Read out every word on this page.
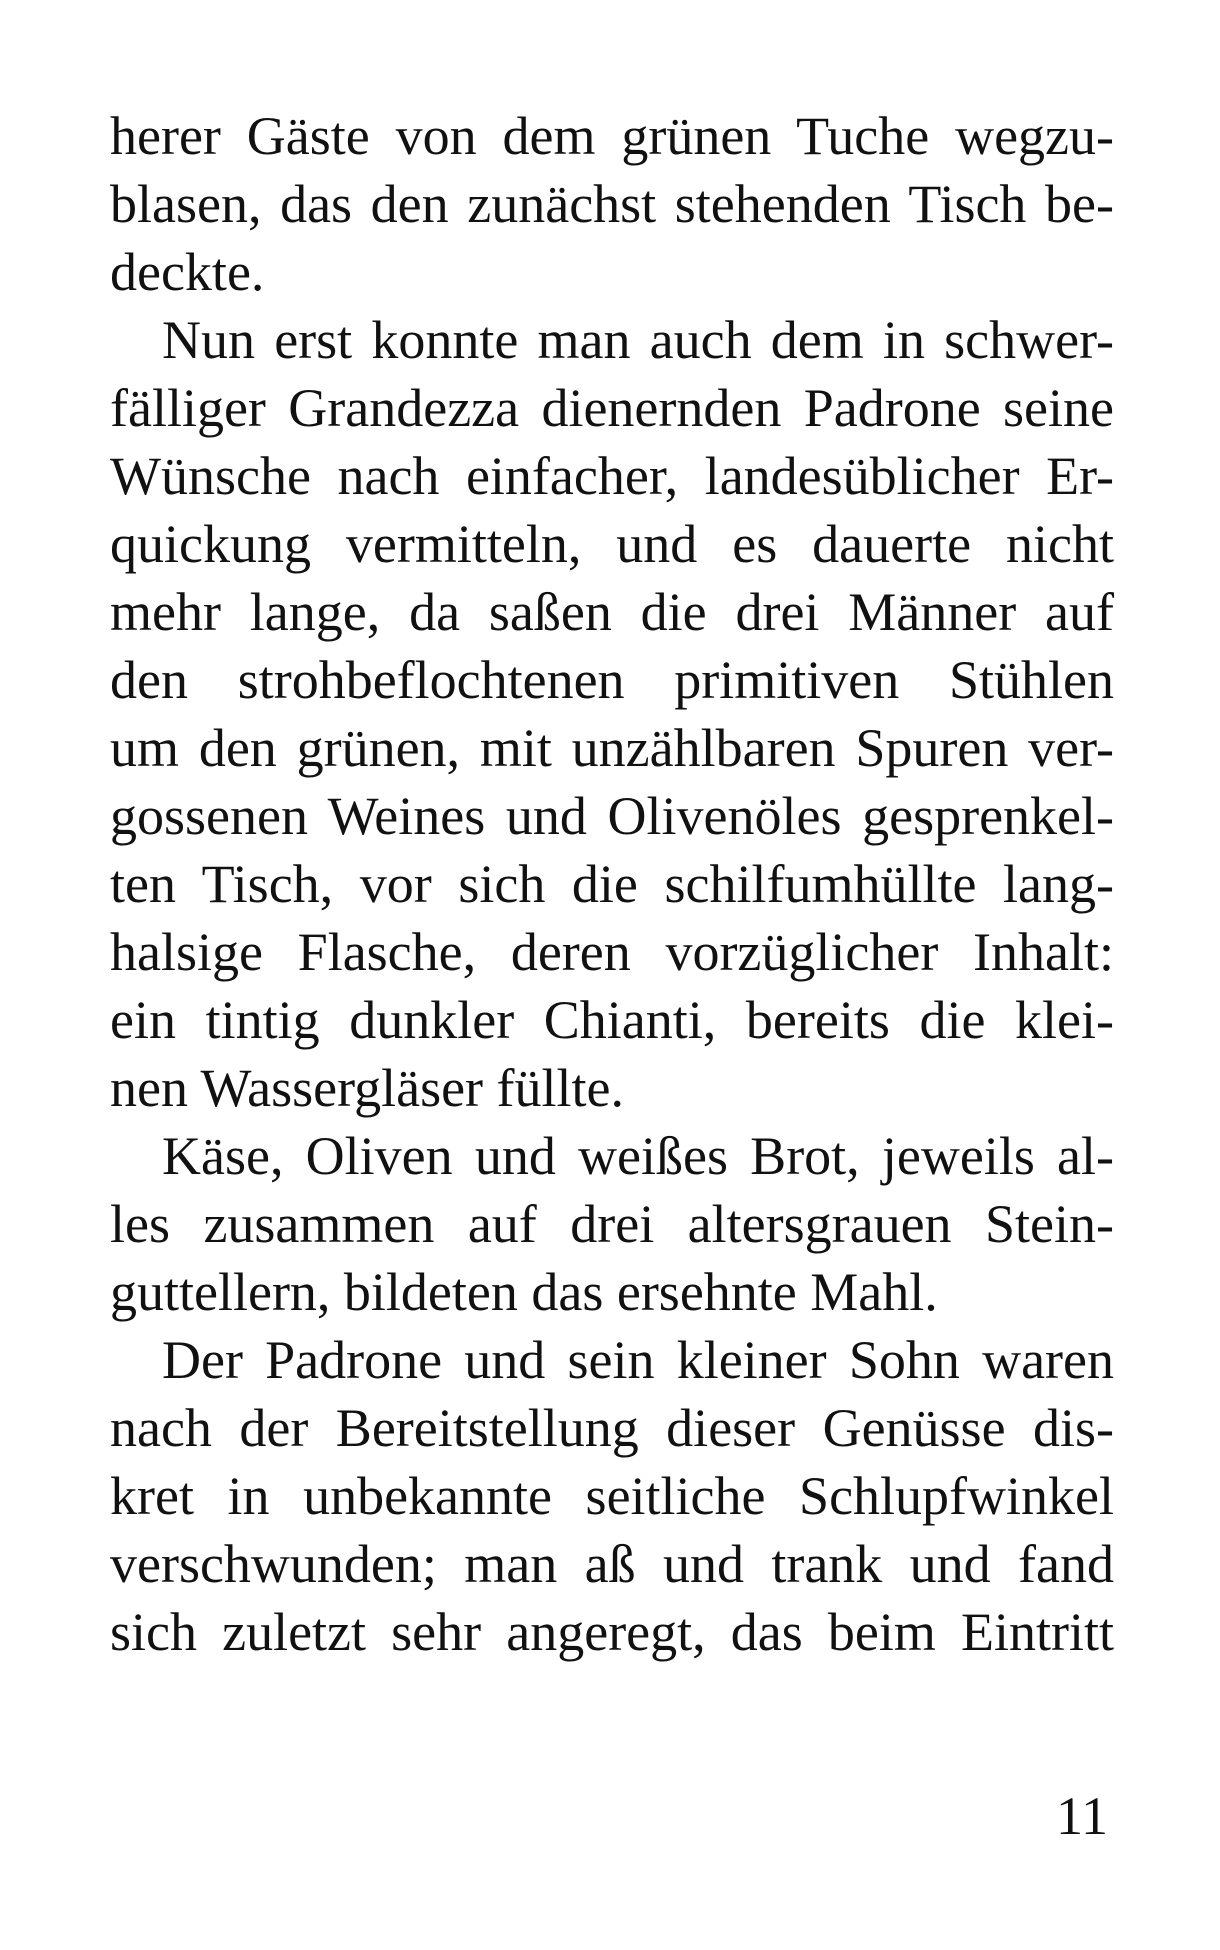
herer Gäste von dem grünen Tuche wegzu-
blasen, das den zunächst stehenden Tisch be-
deckte.
Nun erst konnte man auch dem in schwer-
fälliger Grandezza dienernden Padrone seine
Wünsche nach einfacher, landesüblicher Er-
quickung vermitteln, und es dauerte nicht
mehr lange, da saßen die drei Männer auf
den strohbeflochtenen primitiven Stühlen
um den grünen, mit unzählbaren Spuren ver-
gossenen Weines und Olivenöles gesprenkel-
ten Tisch, vor sich die schilfumhüllte lang-
halsige Flasche, deren vorzüglicher Inhalt:
ein tintig dunkler Chianti, bereits die klei-
nen Wassergläser füllte.
Käse, Oliven und weißes Brot, jeweils al-
les zusammen auf drei altersgrauen Stein-
guttellern, bildeten das ersehnte Mahl.
Der Padrone und sein kleiner Sohn waren
nach der Bereitstellung dieser Genüsse dis-
kret in unbekannte seitliche Schlupfwinkel
verschwunden; man aß und trank und fand
sich zuletzt sehr angeregt, das beim Eintritt
11
